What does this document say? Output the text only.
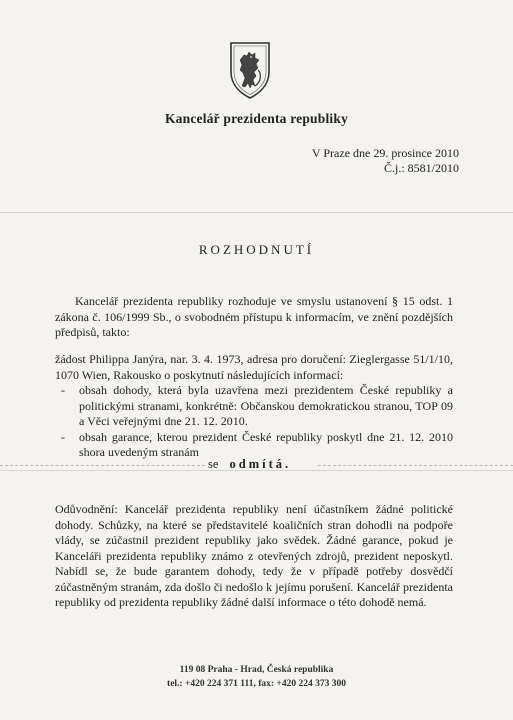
Kancelář prezidenta republiky
V Praze dne 29. prosince 2010
Č.j.: 8581/2010
ROZHODNUTÍ
Kancelář prezidenta republiky rozhoduje ve smyslu ustanovení § 15 odst. 1 zákona č. 106/1999 Sb., o svobodném přístupu k informacím, ve znění pozdějších předpisů, takto:
žádost Philippa Janýra, nar. 3. 4. 1973, adresa pro doručení: Zieglergasse 51/1/10, 1070 Wien, Rakousko o poskytnutí následujících informací:
- obsah dohody, která byla uzavřena mezi prezidentem České republiky a politickými stranami, konkrétně: Občanskou demokratickou stranou, TOP 09 a Věci veřejnými dne 21. 12. 2010.
- obsah garance, kterou prezident České republiky poskytl dne 21. 12. 2010 shora uvedeným stranám
se odmítá.
Odůvodnění: Kancelář prezidenta republiky není účastníkem žádné politické dohody. Schůzky, na které se představitelé koaličních stran dohodli na podpoře vlády, se zúčastnil prezident republiky jako svědek. Žádné garance, pokud je Kanceláři prezidenta republiky známo z otevřených zdrojů, prezident neposkytl. Nabídl se, že bude garantem dohody, tedy že v případě potřeby dosvědčí zúčastněným stranám, zda došlo či nedošlo k jejímu porušení. Kancelář prezidenta republiky od prezidenta republiky žádné další informace o této dohodě nemá.
119 08 Praha - Hrad, Česká republika
tel.: +420 224 371 111, fax: +420 224 373 300
